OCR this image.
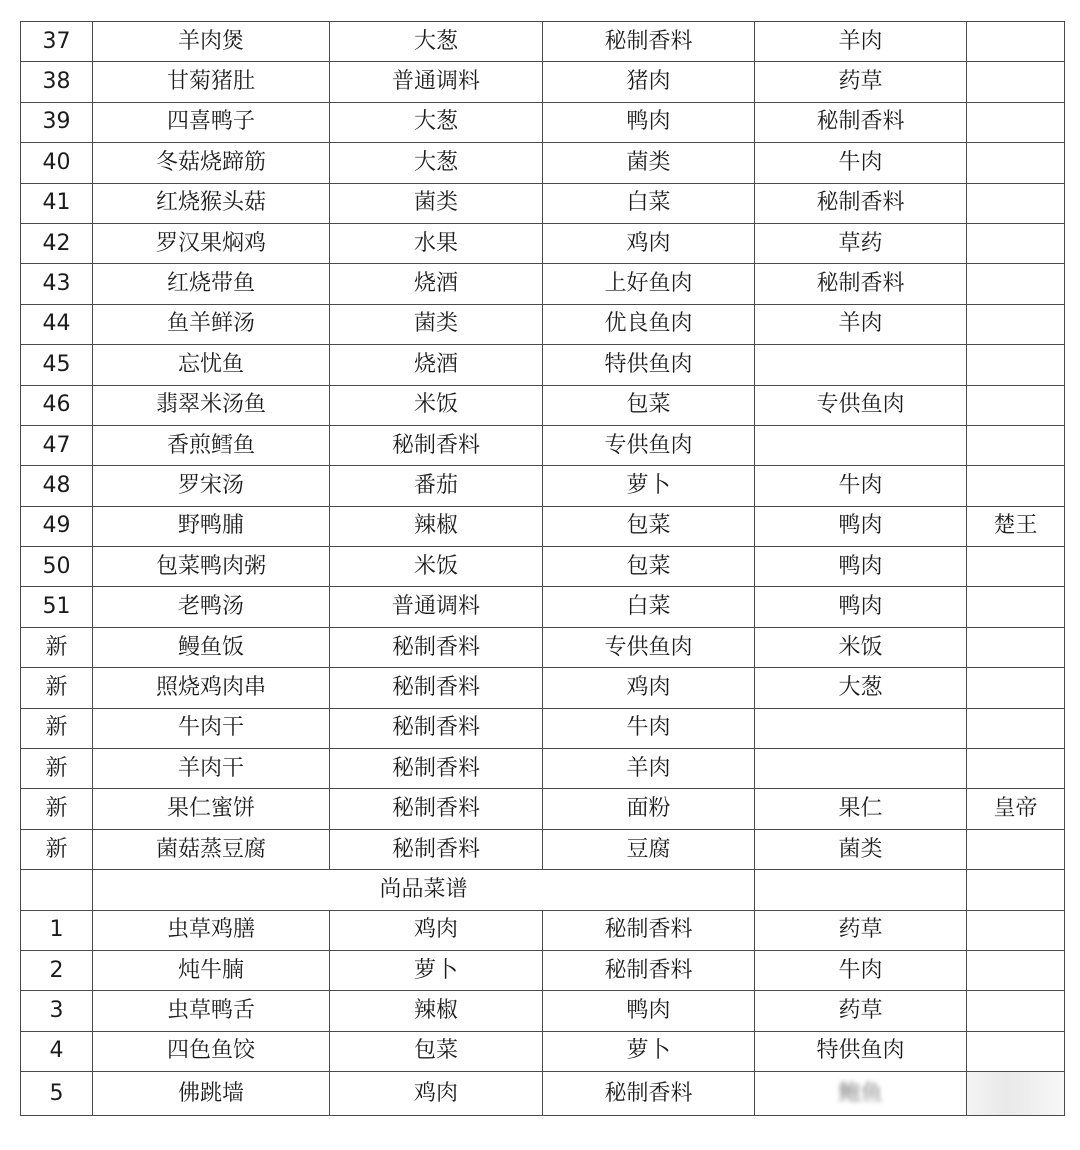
37	羊肉煲	大葱	秘制香料	羊肉	
38	甘菊猪肚	普通调料	猪肉	药草	
39	四喜鸭子	大葱	鸭肉	秘制香料	
40	冬菇烧蹄筋	大葱	菌类	牛肉	
41	红烧猴头菇	菌类	白菜	秘制香料	
42	罗汉果焖鸡	水果	鸡肉	草药	
43	红烧带鱼	烧酒	上好鱼肉	秘制香料	
44	鱼羊鲜汤	菌类	优良鱼肉	羊肉	
45	忘忧鱼	烧酒	特供鱼肉		
46	翡翠米汤鱼	米饭	包菜	专供鱼肉	
47	香煎鳕鱼	秘制香料	专供鱼肉		
48	罗宋汤	番茄	萝卜	牛肉	
49	野鸭脯	辣椒	包菜	鸭肉	楚王
50	包菜鸭肉粥	米饭	包菜	鸭肉	
51	老鸭汤	普通调料	白菜	鸭肉	
新	鳗鱼饭	秘制香料	专供鱼肉	米饭	
新	照烧鸡肉串	秘制香料	鸡肉	大葱	
新	牛肉干	秘制香料	牛肉		
新	羊肉干	秘制香料	羊肉		
新	果仁蜜饼	秘制香料	面粉	果仁	皇帝
新	菌菇蒸豆腐	秘制香料	豆腐	菌类	
	尚品菜谱				
1	虫草鸡膳	鸡肉	秘制香料	药草	
2	炖牛腩	萝卜	秘制香料	牛肉	
3	虫草鸭舌	辣椒	鸭肉	药草	
4	四色鱼饺	包菜	萝卜	特供鱼肉	
5	佛跳墙	鸡肉	秘制香料	鲍鱼	
